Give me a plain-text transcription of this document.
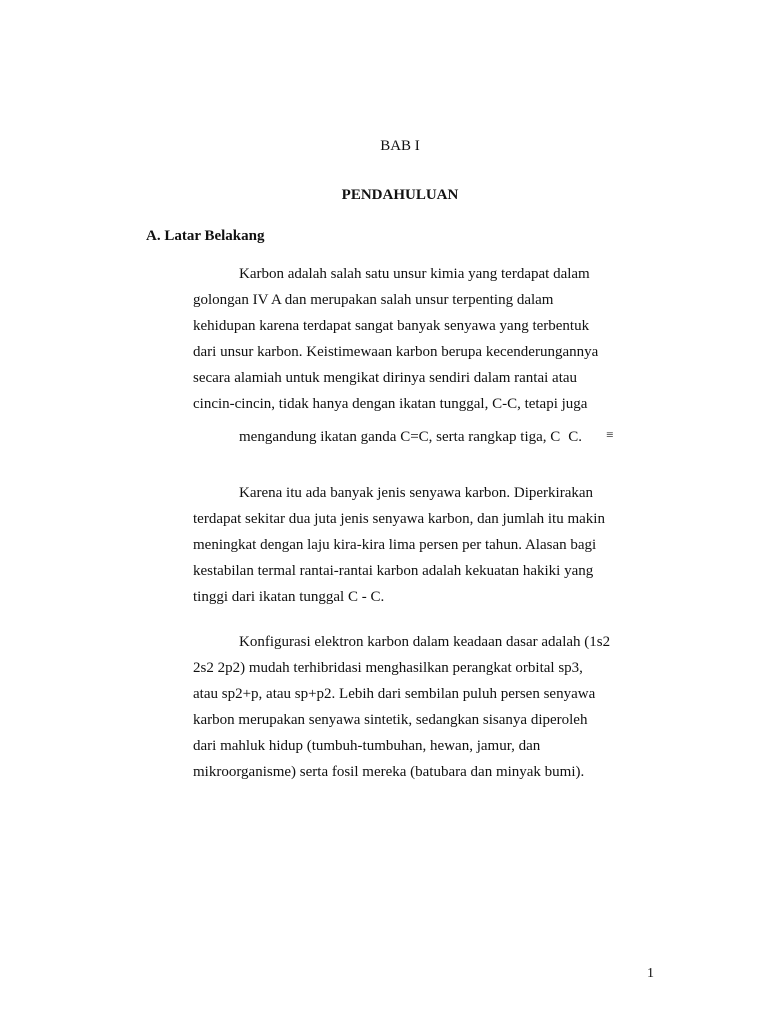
BAB I
PENDAHULUAN
A. Latar Belakang

Karbon adalah salah satu unsur kimia yang terdapat dalam
golongan IV A dan merupakan salah unsur terpenting dalam
kehidupan karena terdapat sangat banyak senyawa yang terbentuk
dari unsur karbon. Keistimewaan karbon berupa kecenderungannya
secara alamiah untuk mengikat dirinya sendiri dalam rantai atau
cincin-cincin, tidak hanya dengan ikatan tunggal, C-C, tetapi juga
mengandung ikatan ganda C=C, serta rangkap tiga, C	≡
C.

Karena itu ada banyak jenis senyawa karbon. Diperkirakan
terdapat sekitar dua juta jenis senyawa karbon, dan jumlah itu makin
meningkat dengan laju kira-kira lima persen per tahun. Alasan bagi
kestabilan termal rantai-rantai karbon adalah kekuatan hakiki yang
tinggi dari ikatan tunggal C - C.

Konfigurasi elektron karbon dalam keadaan dasar adalah (1s2
2s2 2p2) mudah terhibridasi menghasilkan perangkat orbital sp3,
atau sp2+p, atau sp+p2. Lebih dari sembilan puluh persen senyawa
karbon merupakan senyawa sintetik, sedangkan sisanya diperoleh
dari mahluk hidup (tumbuh-tumbuhan, hewan, jamur, dan
mikroorganisme) serta fosil mereka (batubara dan minyak bumi).

1
